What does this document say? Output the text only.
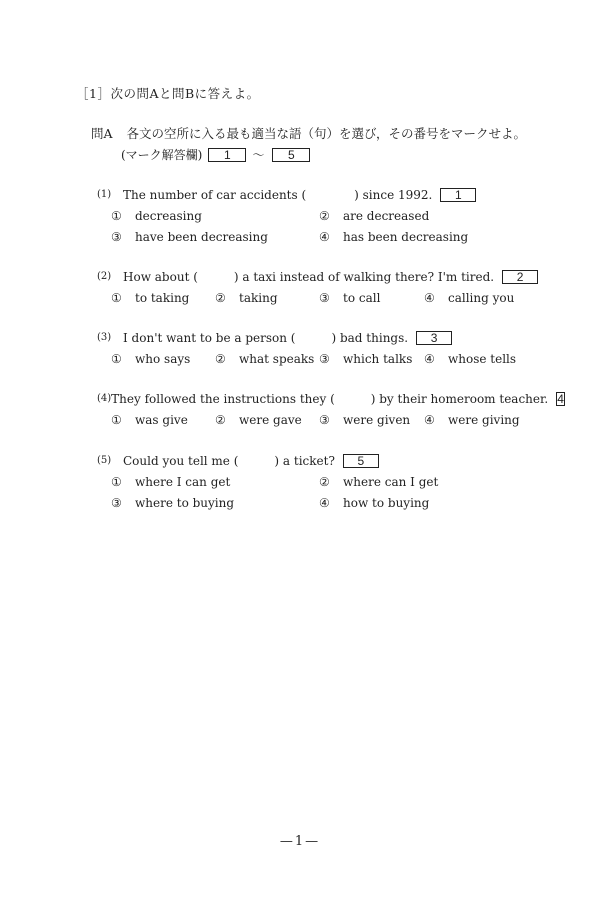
［1］次の問Aと問Bに答えよ。
問A 各文の空所に入る最も適当な語（句）を選び，その番号をマークせよ。
(マーク解答欄)	1	～	5
(1) The number of car accidents (　　　　) since 1992.	1
① decreasing	② are decreased
③ have been decreasing	④ has been decreasing
(2) How about (　　　) a taxi instead of walking there? I'm tired.	2
① to taking ② taking	③ to call	④ calling you
(3) I don't want to be a person (　　　) bad things.	3
① who says ② what speaks ③ which talks ④ whose tells
(4) They followed the instructions they (　　　) by their homeroom teacher. 4
① was give ② were gave ③ were given ④ were giving
(5) Could you tell me (　　　) a ticket?	5
① where I can get	② where can I get
③ where to buying	④ how to buying
—1—
